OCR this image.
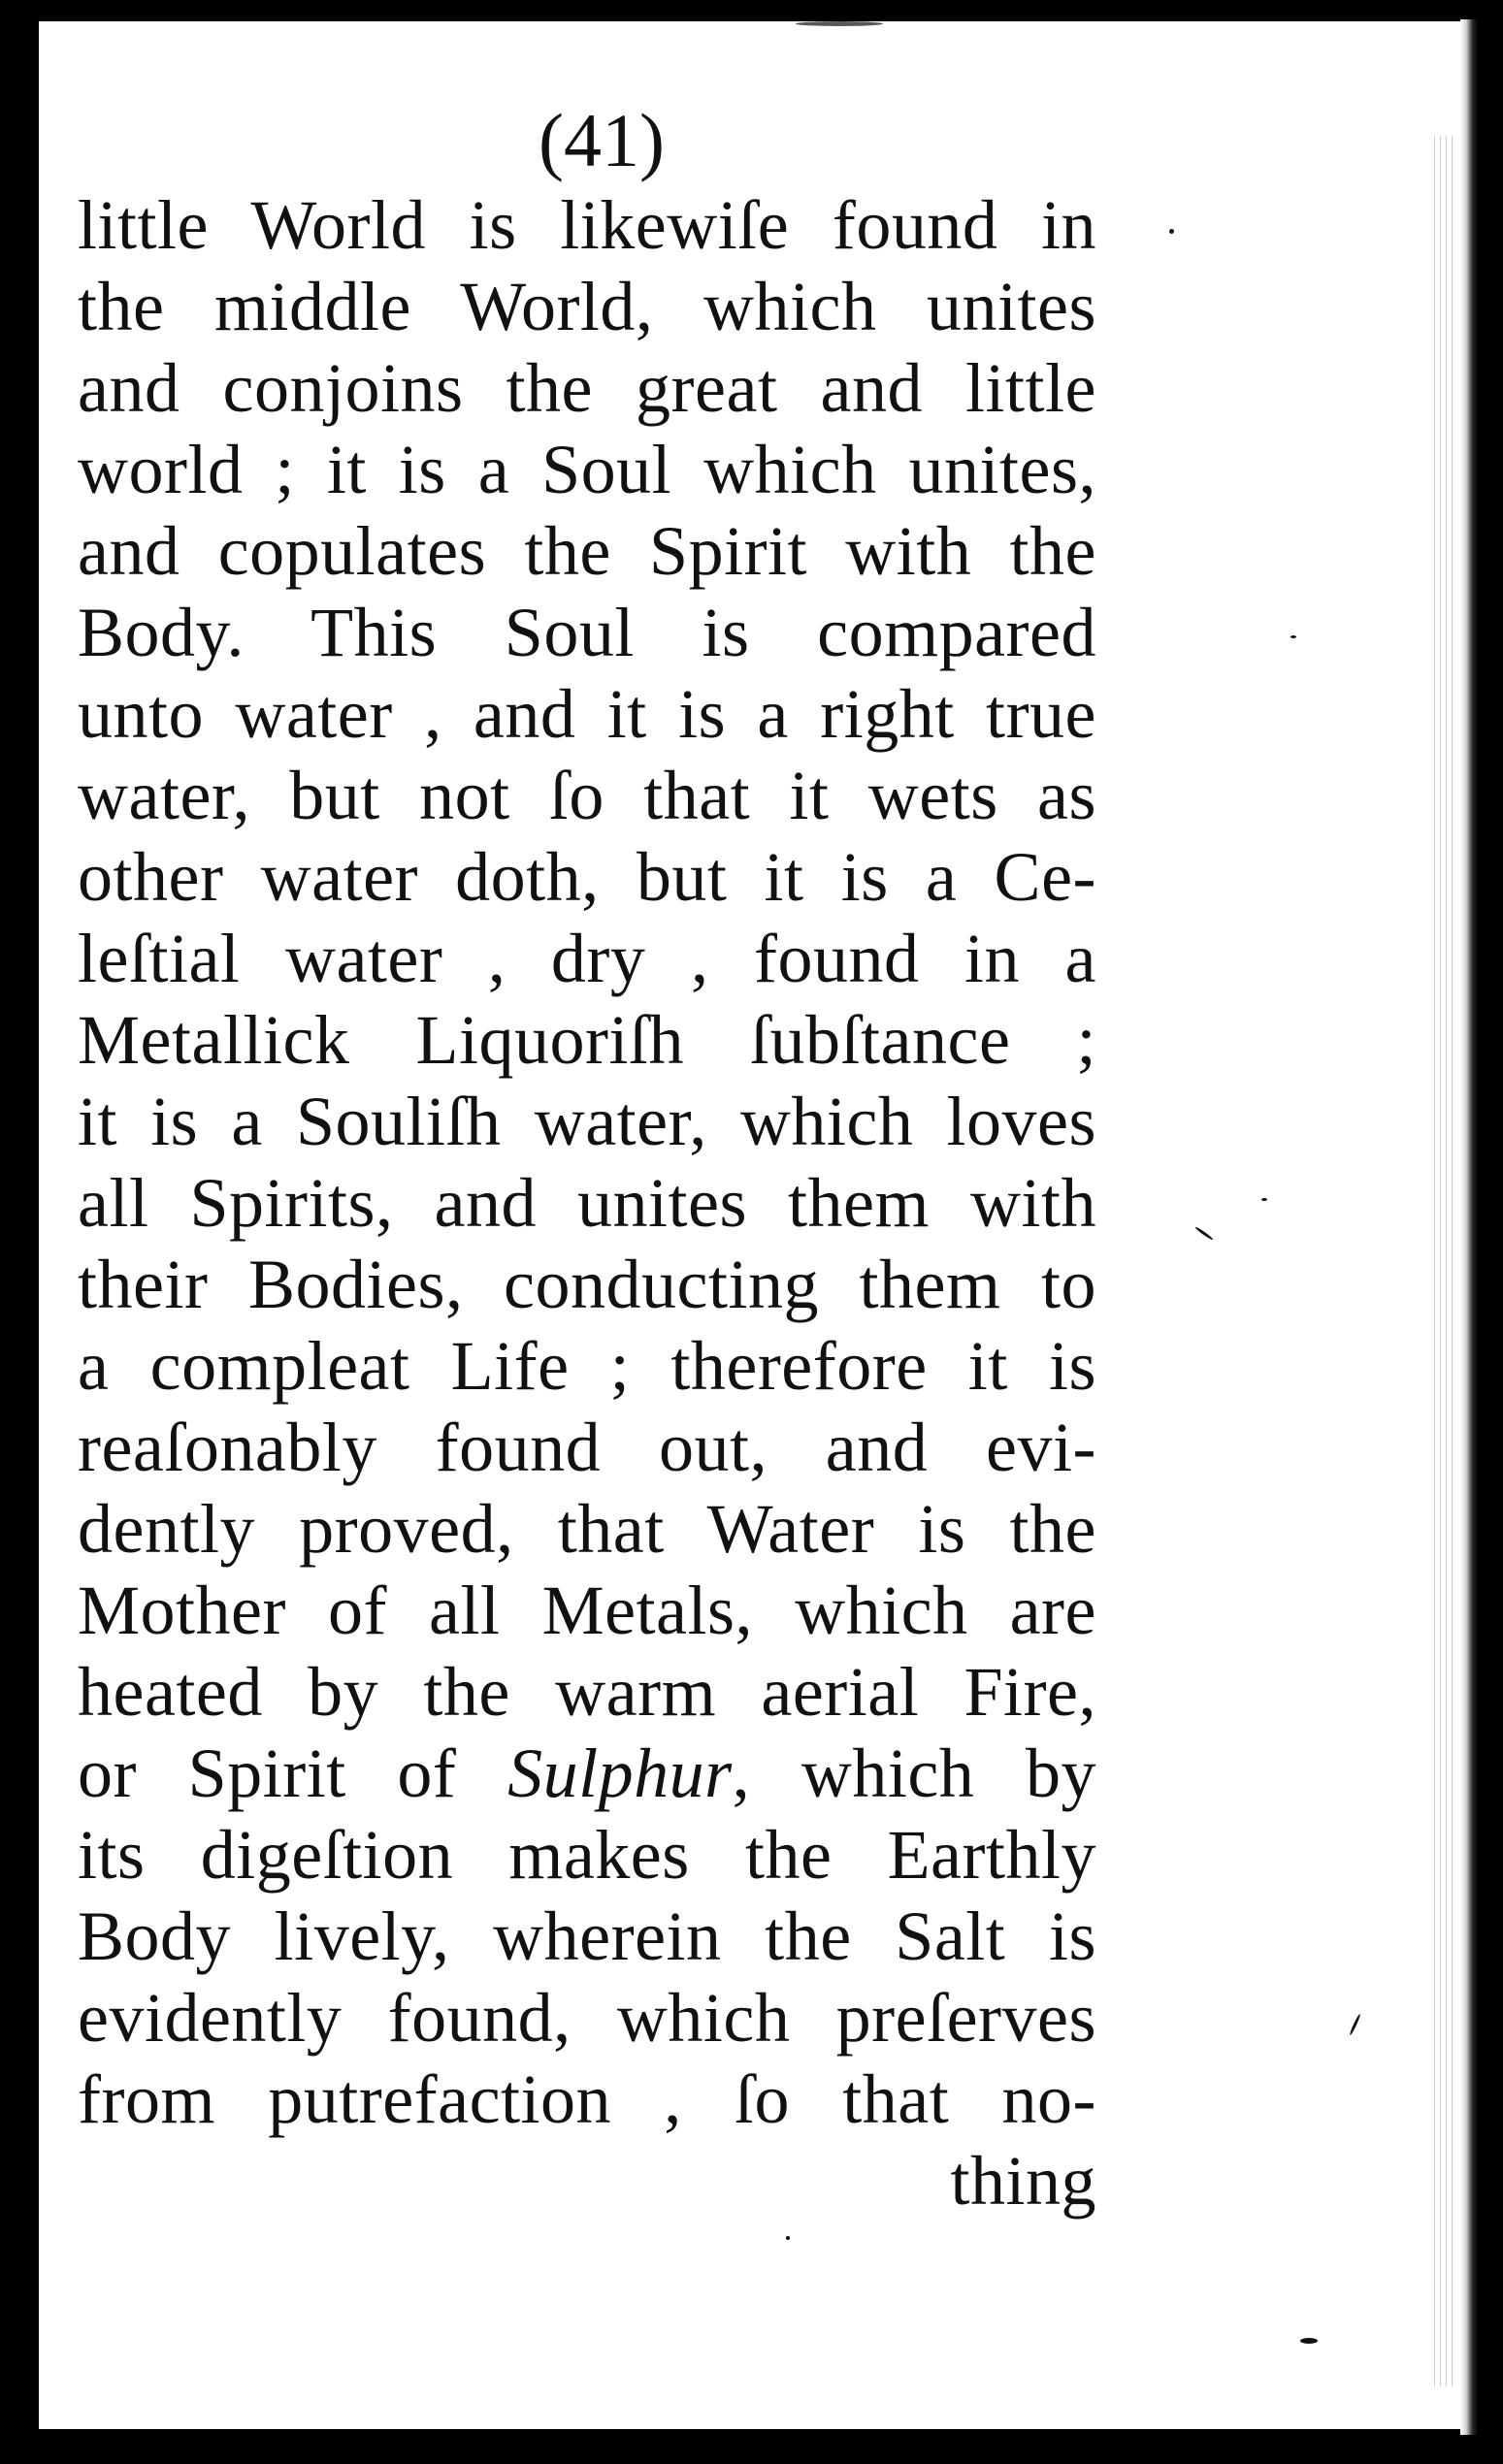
(41)
little World is likewiſe found in
the middle World, which unites
and conjoins the great and little
world ; it is a Soul which unites,
and copulates the Spirit with the
Body. This Soul is compared
unto water , and it is a right true
water, but not ſo that it wets as
other water doth, but it is a Ce-
leſtial water , dry , found in a
Metallick Liquoriſh ſubſtance ;
it is a Souliſh water, which loves
all Spirits, and unites them with
their Bodies, conducting them to
a compleat Life ; therefore it is
reaſonably found out, and evi-
dently proved, that Water is the
Mother of all Metals, which are
heated by the warm aerial Fire,
or Spirit of Sulphur, which by
its digeſtion makes the Earthly
Body lively, wherein the Salt is
evidently found, which preſerves
from putrefaction , ſo that no-
thing
